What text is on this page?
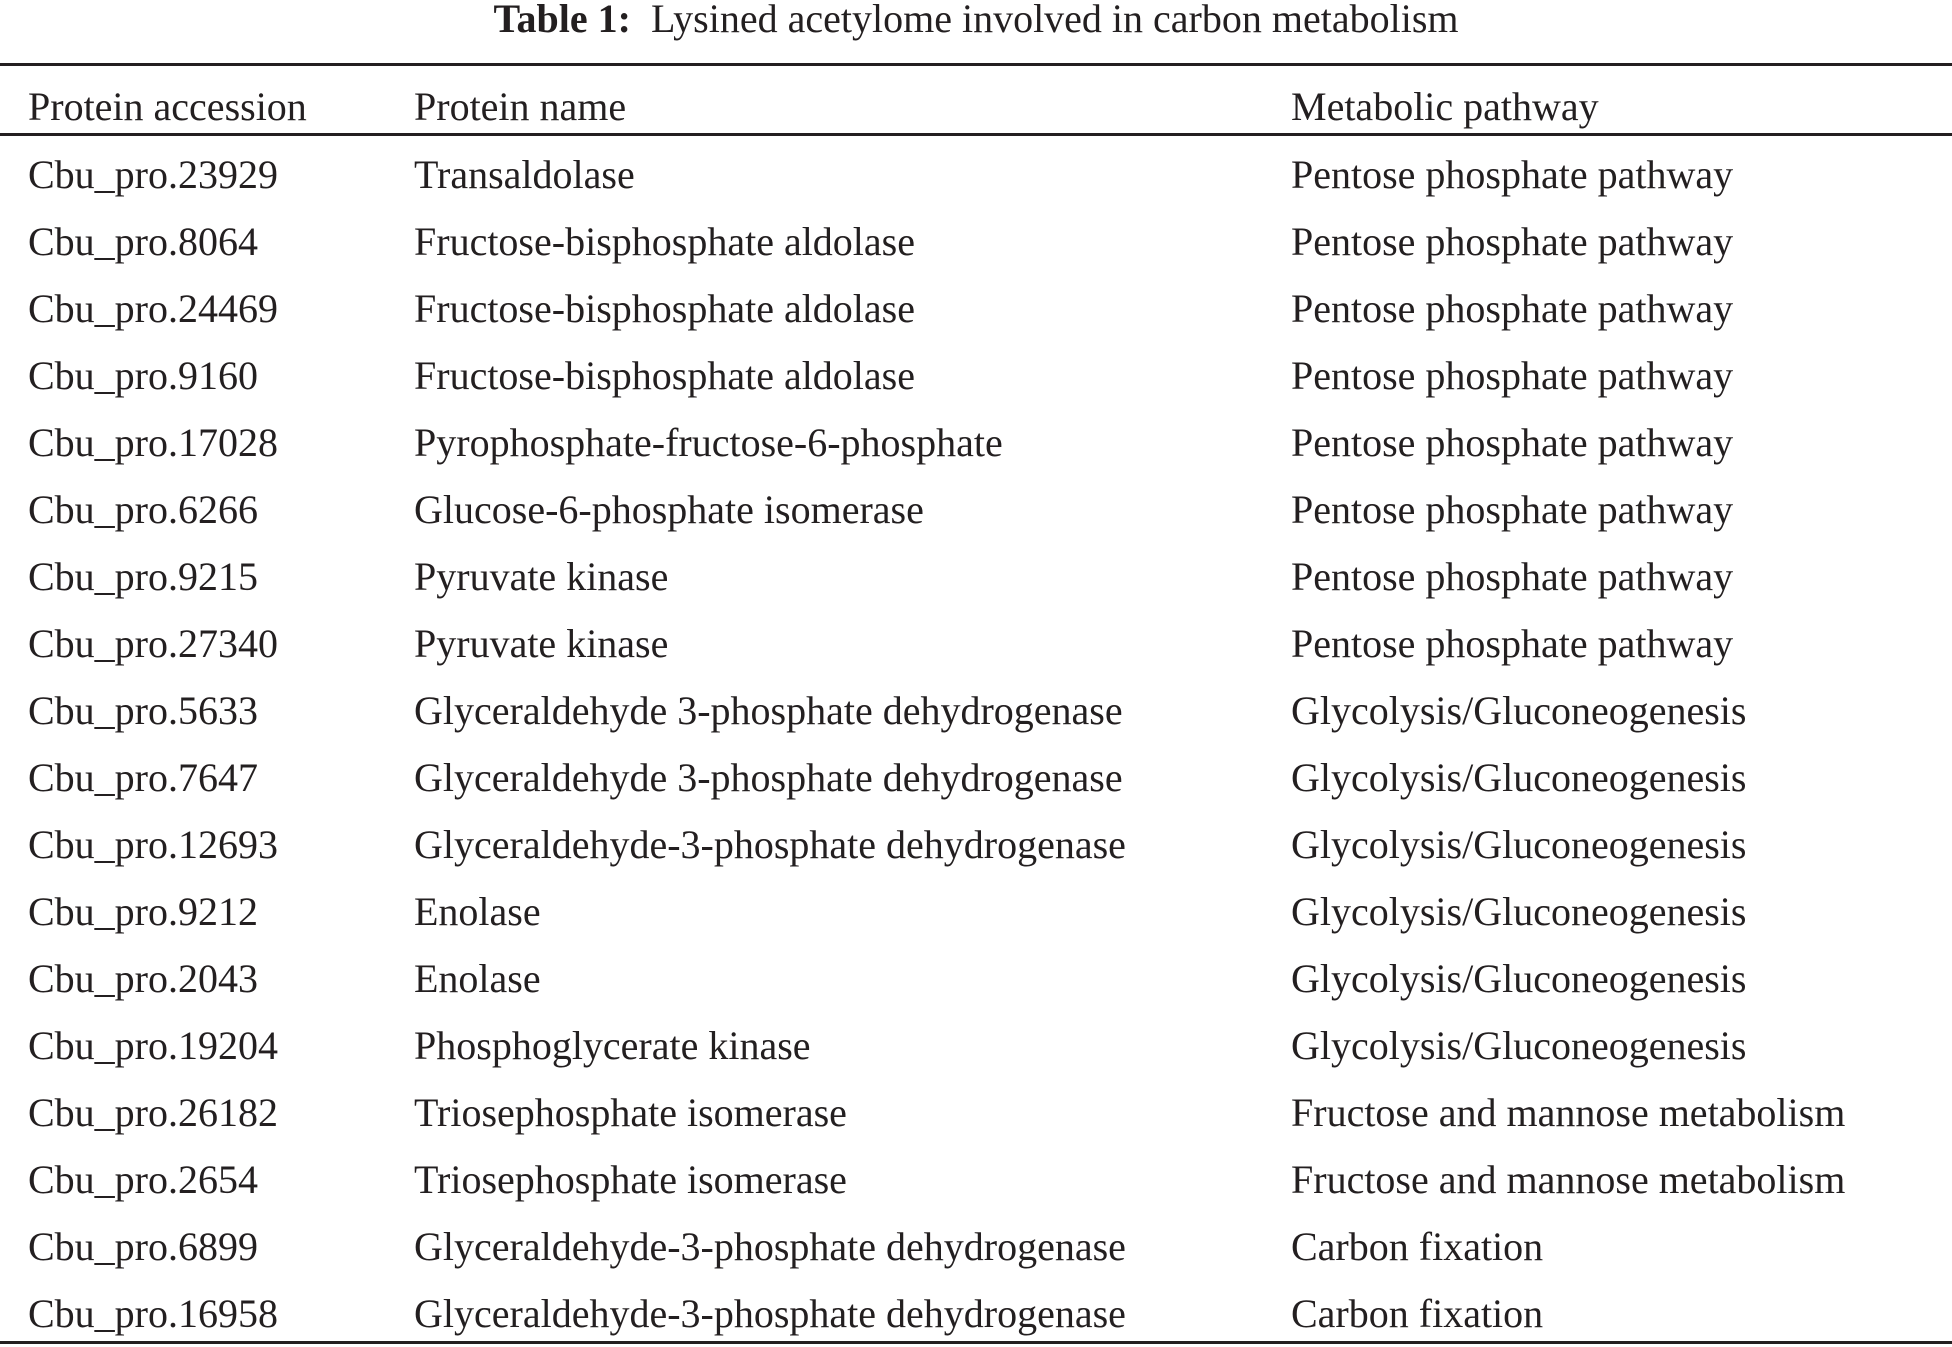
Table 1: Lysined acetylome involved in carbon metabolism
Protein accession	Protein name	Metabolic pathway
Cbu_pro.23929	Transaldolase	Pentose phosphate pathway
Cbu_pro.8064	Fructose-bisphosphate aldolase	Pentose phosphate pathway
Cbu_pro.24469	Fructose-bisphosphate aldolase	Pentose phosphate pathway
Cbu_pro.9160	Fructose-bisphosphate aldolase	Pentose phosphate pathway
Cbu_pro.17028	Pyrophosphate-fructose-6-phosphate	Pentose phosphate pathway
Cbu_pro.6266	Glucose-6-phosphate isomerase	Pentose phosphate pathway
Cbu_pro.9215	Pyruvate kinase	Pentose phosphate pathway
Cbu_pro.27340	Pyruvate kinase	Pentose phosphate pathway
Cbu_pro.5633	Glyceraldehyde 3-phosphate dehydrogenase	Glycolysis/Gluconeogenesis
Cbu_pro.7647	Glyceraldehyde 3-phosphate dehydrogenase	Glycolysis/Gluconeogenesis
Cbu_pro.12693	Glyceraldehyde-3-phosphate dehydrogenase	Glycolysis/Gluconeogenesis
Cbu_pro.9212	Enolase	Glycolysis/Gluconeogenesis
Cbu_pro.2043	Enolase	Glycolysis/Gluconeogenesis
Cbu_pro.19204	Phosphoglycerate kinase	Glycolysis/Gluconeogenesis
Cbu_pro.26182	Triosephosphate isomerase	Fructose and mannose metabolism
Cbu_pro.2654	Triosephosphate isomerase	Fructose and mannose metabolism
Cbu_pro.6899	Glyceraldehyde-3-phosphate dehydrogenase	Carbon fixation
Cbu_pro.16958	Glyceraldehyde-3-phosphate dehydrogenase	Carbon fixation
